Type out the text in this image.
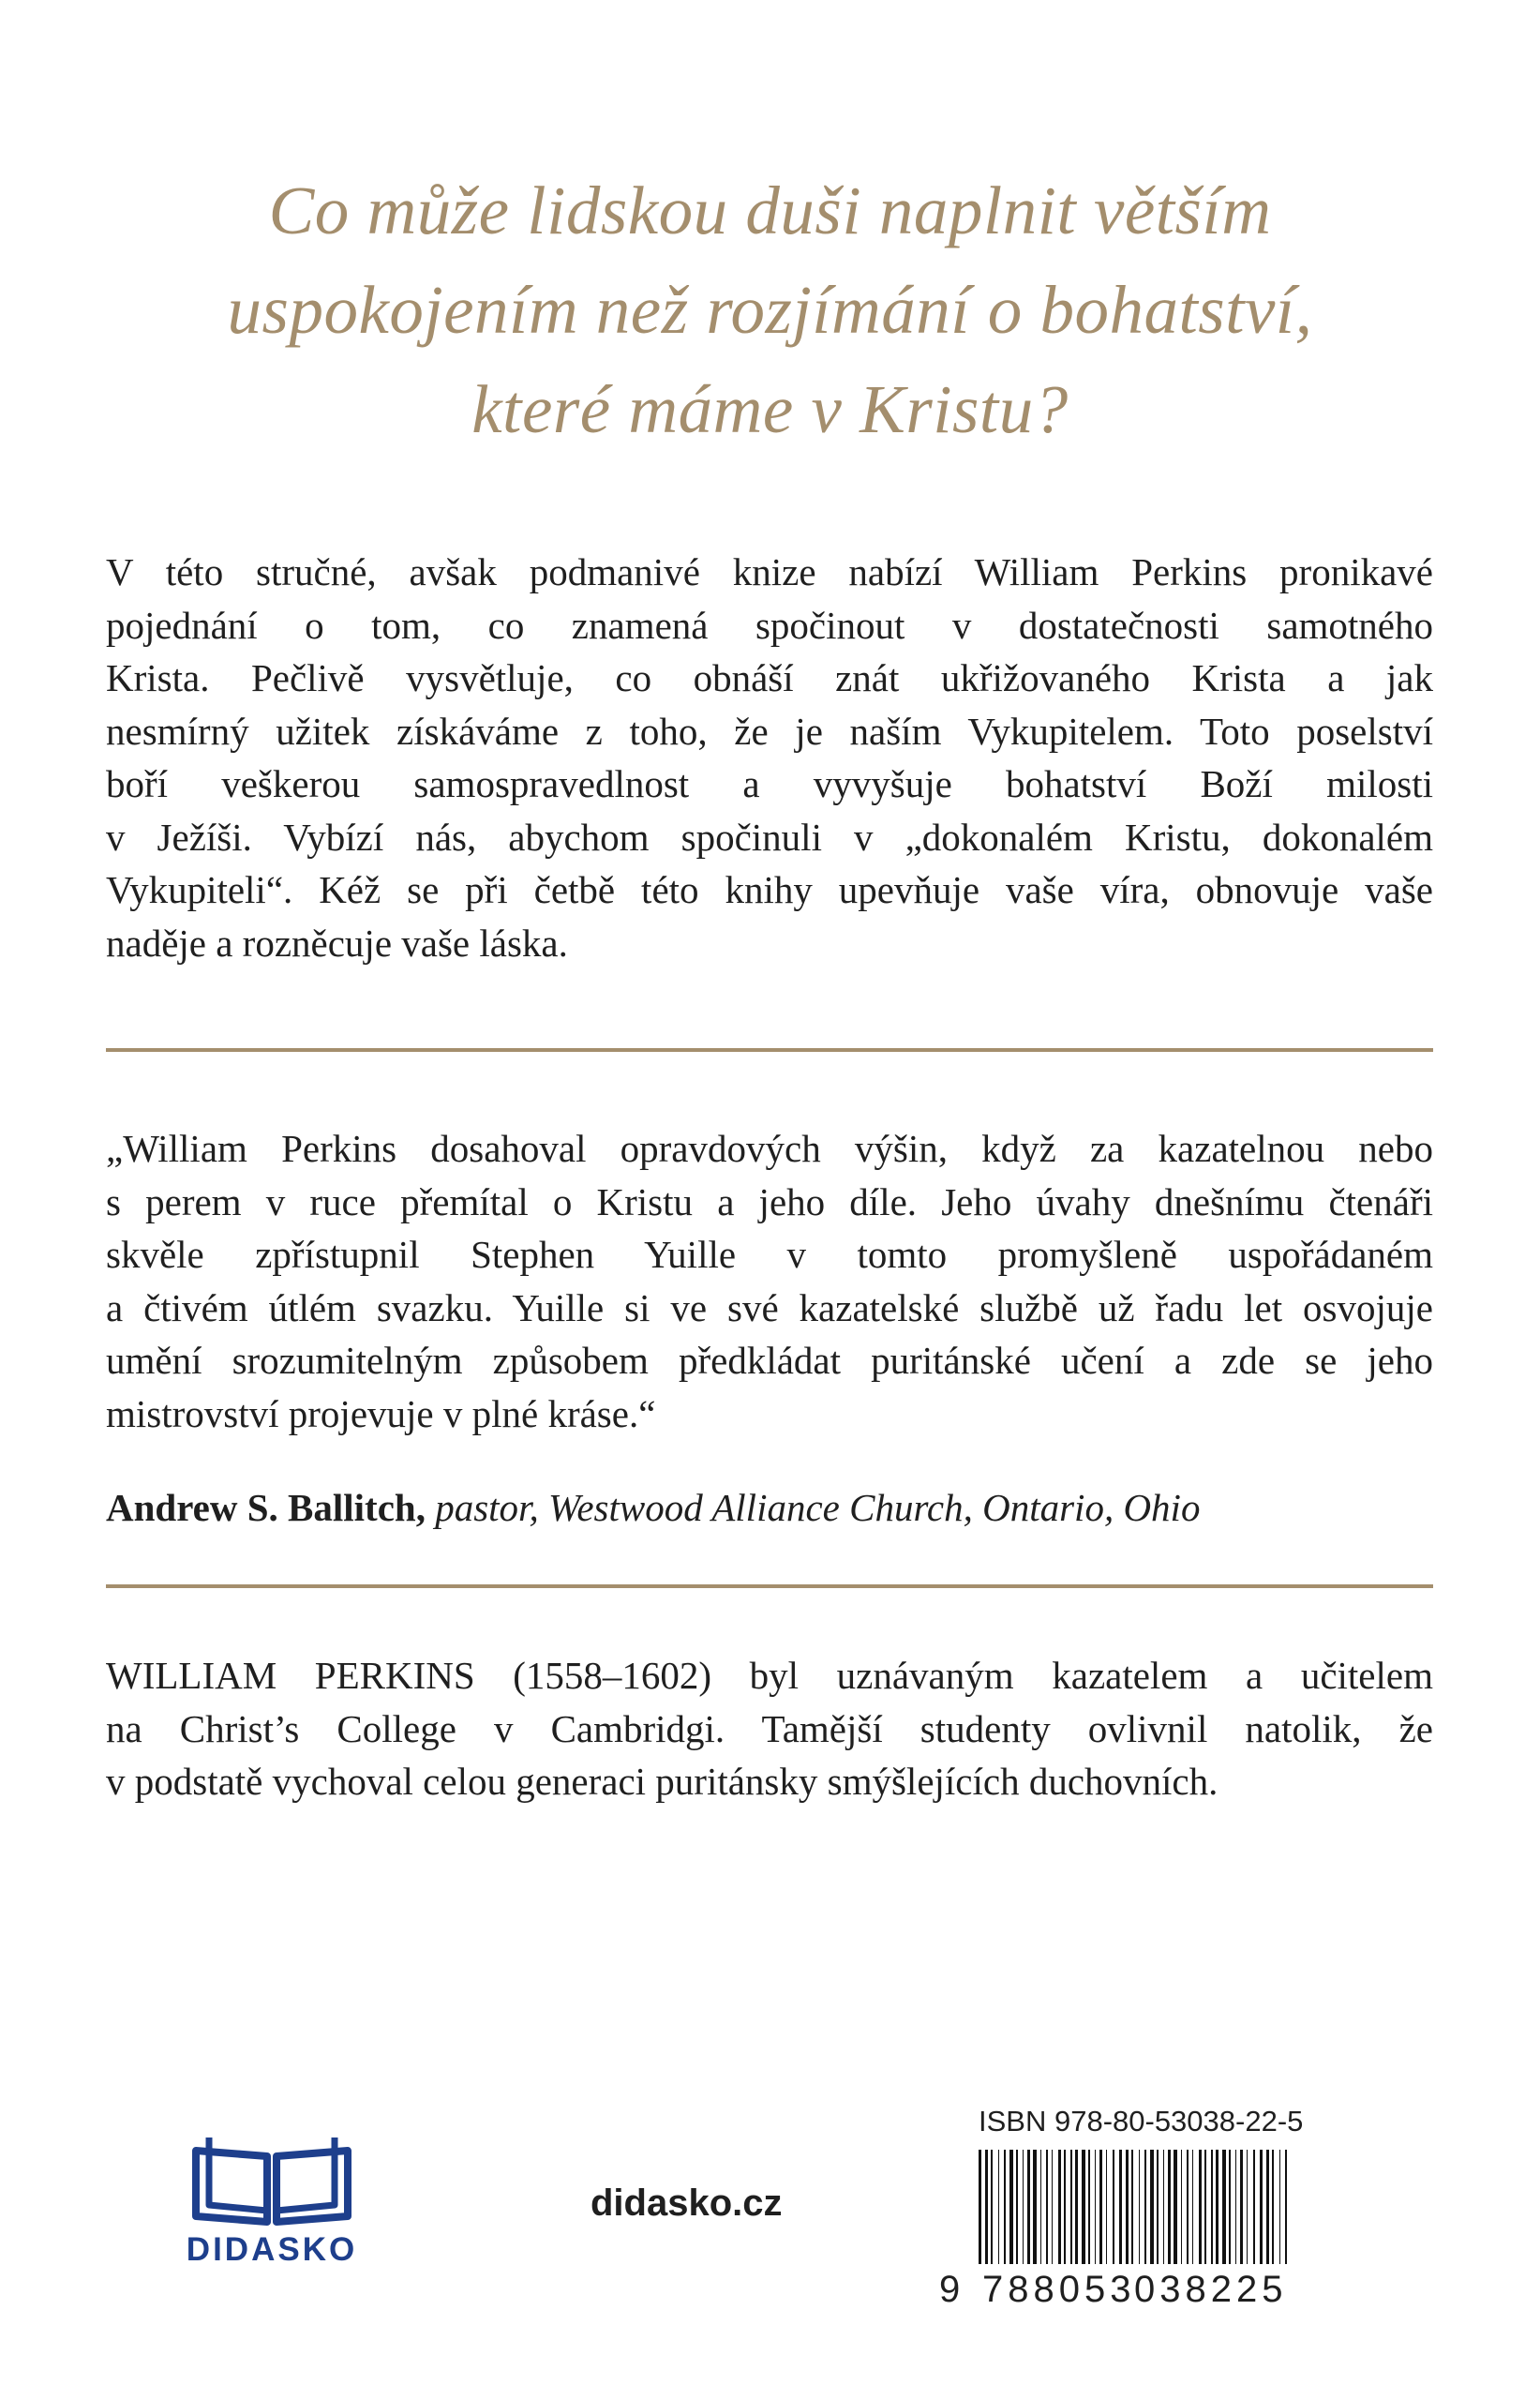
Co může lidskou duši naplnit větším
uspokojením než rozjímání o bohatství,
které máme v Kristu?
V této stručné, avšak podmanivé knize nabízí William Perkins pronikavé
pojednání o tom, co znamená spočinout v dostatečnosti samotného
Krista. Pečlivě vysvětluje, co obnáší znát ukřižovaného Krista a jak
nesmírný užitek získáváme z toho, že je naším Vykupitelem. Toto poselství
boří veškerou samospravedlnost a vyvyšuje bohatství Boží milosti
v Ježíši. Vybízí nás, abychom spočinuli v „dokonalém Kristu, dokonalém
Vykupiteli“. Kéž se při četbě této knihy upevňuje vaše víra, obnovuje vaše
naděje a rozněcuje vaše láska.
„William Perkins dosahoval opravdových výšin, když za kazatelnou nebo
s perem v ruce přemítal o Kristu a jeho díle. Jeho úvahy dnešnímu čtenáři
skvěle zpřístupnil Stephen Yuille v tomto promyšleně uspořádaném
a čtivém útlém svazku. Yuille si ve své kazatelské službě už řadu let osvojuje
umění srozumitelným způsobem předkládat puritánské učení a zde se jeho
mistrovství projevuje v plné kráse.“
Andrew S. Ballitch, pastor, Westwood Alliance Church, Ontario, Ohio
WILLIAM PERKINS (1558–1602) byl uznávaným kazatelem a učitelem
na Christ’s College v Cambridgi. Tamější studenty ovlivnil natolik, že
v podstatě vychoval celou generaci puritánsky smýšlejících duchovních.
DIDASKO
didasko.cz
ISBN 978-80-53038-22-5
9 788053
038225
